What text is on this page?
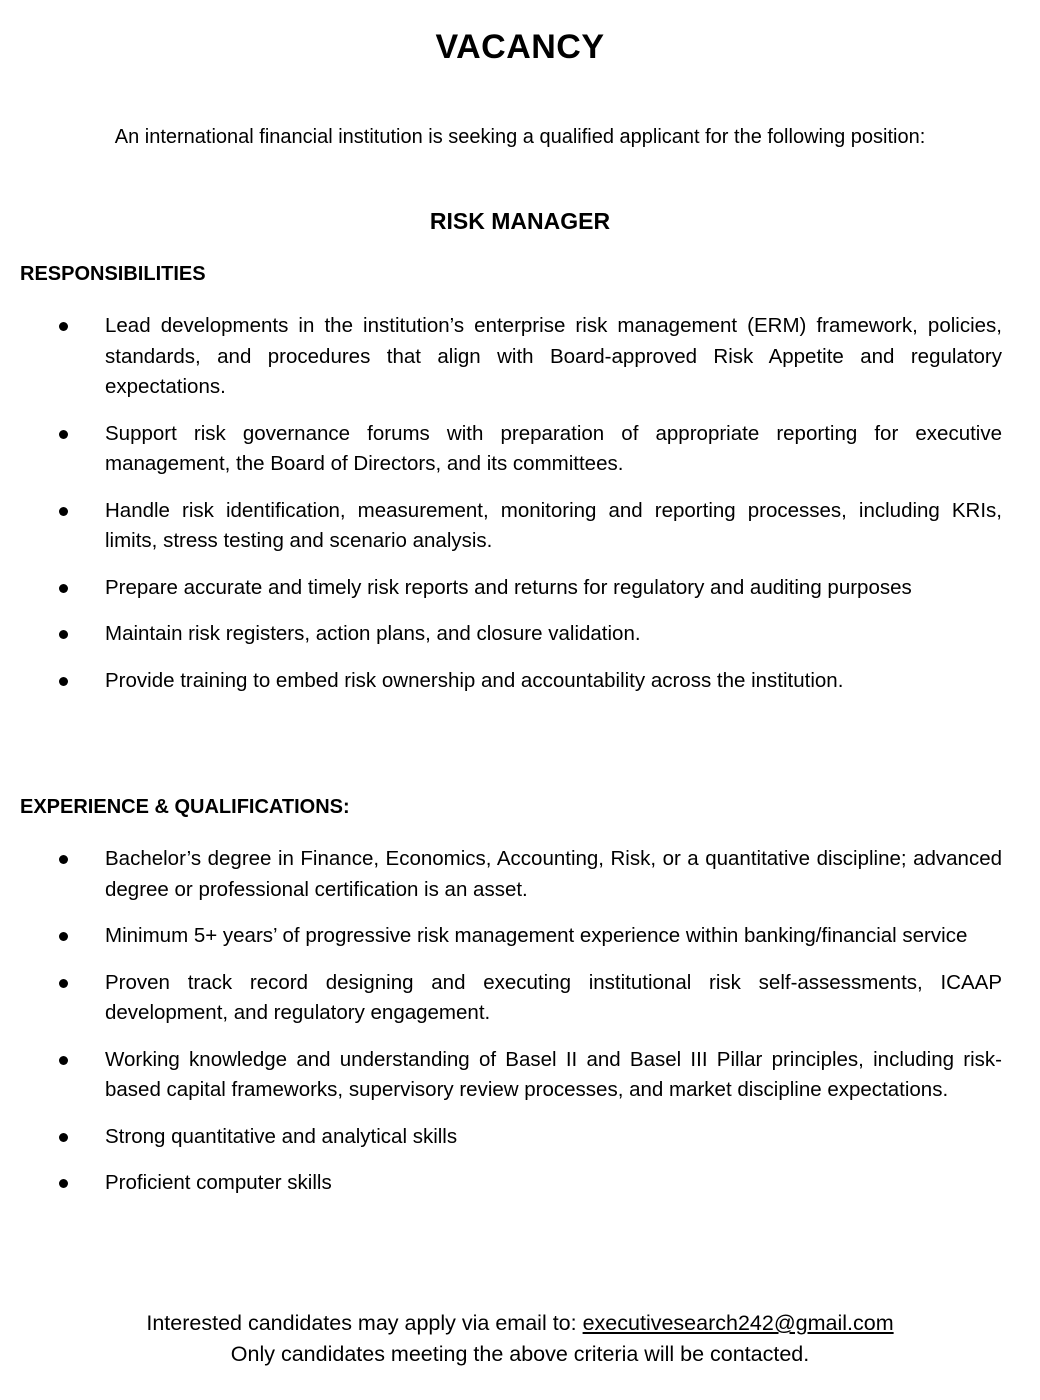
VACANCY

An international financial institution is seeking a qualified applicant for the following position:

RISK MANAGER
RESPONSIBILITIES
Lead developments in the institution’s enterprise risk management (ERM) framework, policies, standards, and procedures that align with Board-approved Risk Appetite and regulatory expectations.
Support risk governance forums with preparation of appropriate reporting for executive management, the Board of Directors, and its committees.
Handle risk identification, measurement, monitoring and reporting processes, including KRIs, limits, stress testing and scenario analysis.
Prepare accurate and timely risk reports and returns for regulatory and auditing purposes
Maintain risk registers, action plans, and closure validation.
Provide training to embed risk ownership and accountability across the institution.
EXPERIENCE & QUALIFICATIONS:
Bachelor’s degree in Finance, Economics, Accounting, Risk, or a quantitative discipline; advanced degree or professional certification is an asset.
Minimum 5+ years’ of progressive risk management experience within banking/financial service
Proven track record designing and executing institutional risk self-assessments, ICAAP development, and regulatory engagement.
Working knowledge and understanding of Basel II and Basel III Pillar principles, including risk-based capital frameworks, supervisory review processes, and market discipline expectations.
Strong quantitative and analytical skills
Proficient computer skills
Interested candidates may apply via email to: executivesearch242@gmail.com
Only candidates meeting the above criteria will be contacted.
